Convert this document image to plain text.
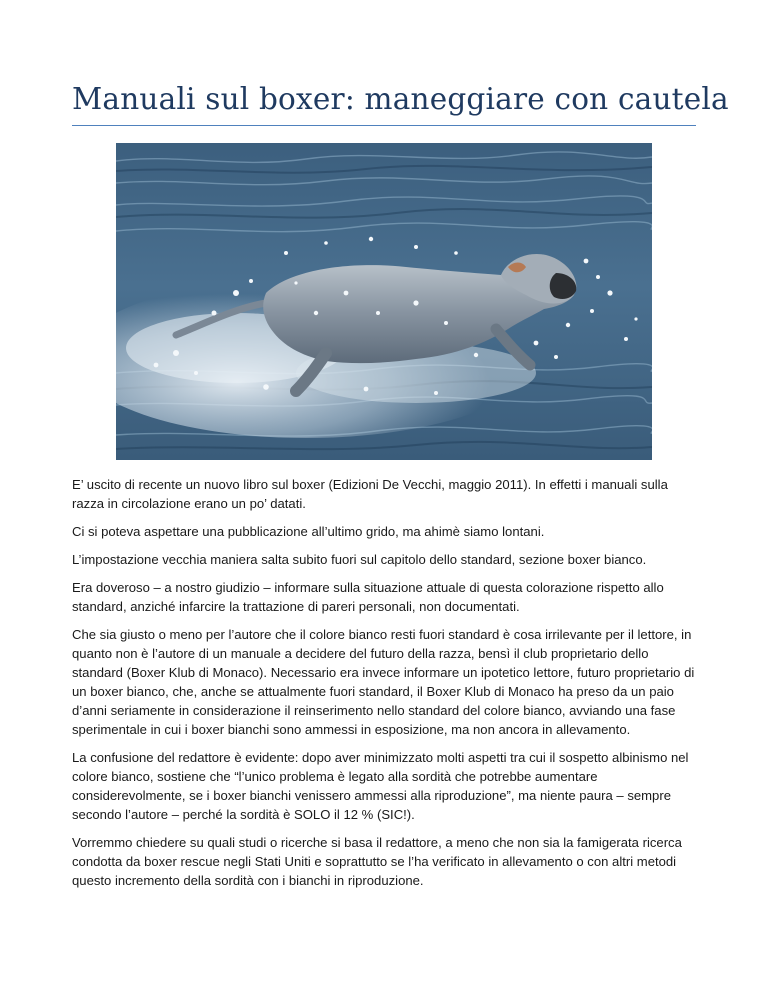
Manuali sul boxer: maneggiare con cautela

E’ uscito di recente un nuovo libro sul boxer (Edizioni De Vecchi, maggio 2011). In effetti i manuali sulla razza in circolazione erano un po’ datati.

Ci si poteva aspettare una pubblicazione all’ultimo grido, ma ahimè siamo lontani.

L’impostazione vecchia maniera salta subito fuori sul capitolo dello standard, sezione boxer bianco.

Era doveroso – a nostro giudizio – informare sulla situazione attuale di questa colorazione rispetto allo standard, anziché infarcire la trattazione di pareri personali, non documentati.

Che sia giusto o meno per l’autore che il colore bianco resti fuori standard è cosa irrilevante per il lettore, in quanto non è l’autore di un manuale a decidere del futuro della razza, bensì il club proprietario dello standard (Boxer Klub di Monaco). Necessario era invece informare un ipotetico lettore, futuro proprietario di un boxer bianco, che, anche se attualmente fuori standard, il Boxer Klub di Monaco ha preso da un paio d’anni seriamente in considerazione il reinserimento nello standard del colore bianco, avviando una fase sperimentale in cui i boxer bianchi sono ammessi in esposizione, ma non ancora in allevamento.

La confusione del redattore è evidente: dopo aver minimizzato molti aspetti tra cui il sospetto albinismo nel colore bianco, sostiene che “l’unico problema è legato alla sordità che potrebbe aumentare considerevolmente, se i boxer bianchi venissero ammessi alla riproduzione”, ma niente paura – sempre secondo l’autore – perché la sordità è SOLO il 12 % (SIC!).

Vorremmo chiedere su quali studi o ricerche si basa il redattore, a meno che non sia la famigerata ricerca condotta da boxer rescue negli Stati Uniti e soprattutto se l’ha verificato in allevamento o con altri metodi questo incremento della sordità con i bianchi in riproduzione.
